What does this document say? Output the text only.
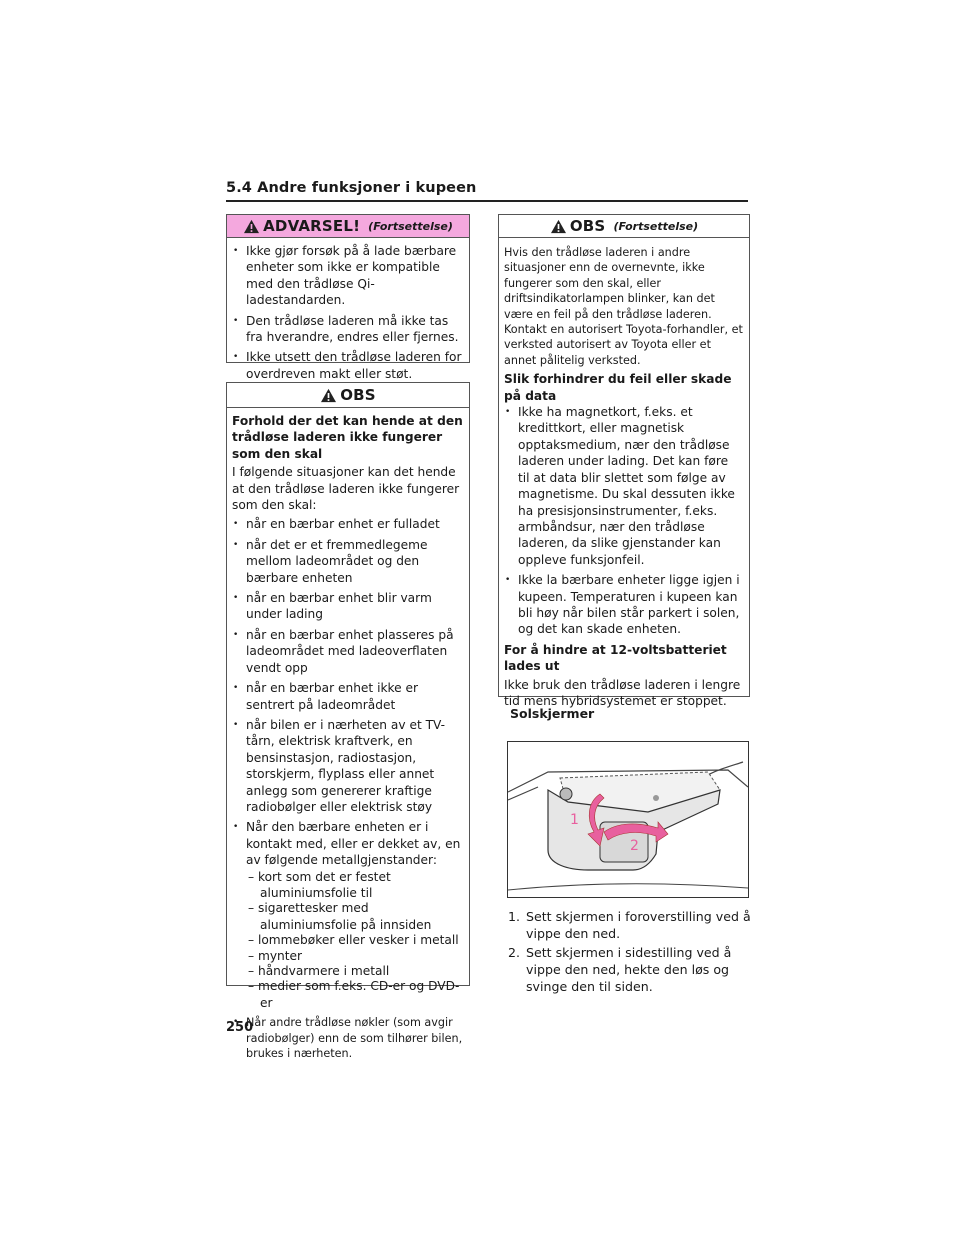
5.4 Andre funksjoner i kupeen
ADVARSEL! (Fortsettelse)
• Ikke gjør forsøk på å lade bærbare enheter som ikke er kompatible med den trådløse Qi-ladestandarden.
• Den trådløse laderen må ikke tas fra hverandre, endres eller fjernes.
• Ikke utsett den trådløse laderen for overdreven makt eller støt.
OBS
Forhold der det kan hende at den trådløse laderen ikke fungerer som den skal
I følgende situasjoner kan det hende at den trådløse laderen ikke fungerer som den skal:
• når en bærbar enhet er fulladet
• når det er et fremmedlegeme mellom ladeområdet og den bærbare enheten
• når en bærbar enhet blir varm under lading
• når en bærbar enhet plasseres på ladeområdet med ladeoverflaten vendt opp
• når en bærbar enhet ikke er sentrert på ladeområdet
• når bilen er i nærheten av et TV-tårn, elektrisk kraftverk, en bensinstasjon, radiostasjon, storskjerm, flyplass eller annet anlegg som genererer kraftige radiobølger eller elektrisk støy
• Når den bærbare enheten er i kontakt med, eller er dekket av, en av følgende metallgjenstander:
– kort som det er festet aluminiumsfolie til
– sigarettesker med aluminiumsfolie på innsiden
– lommebøker eller vesker i metall
– mynter
– håndvarmere i metall
– medier som f.eks. CD-er og DVD-er
• Når andre trådløse nøkler (som avgir radiobølger) enn de som tilhører bilen, brukes i nærheten.
OBS (Fortsettelse)
Hvis den trådløse laderen i andre situasjoner enn de overnevnte, ikke fungerer som den skal, eller driftsindikatorlampen blinker, kan det være en feil på den trådløse laderen. Kontakt en autorisert Toyota-forhandler, et verksted autorisert av Toyota eller et annet pålitelig verksted.
Slik forhindrer du feil eller skade på data
• Ikke ha magnetkort, f.eks. et kredittkort, eller magnetisk opptaksmedium, nær den trådløse laderen under lading. Det kan føre til at data blir slettet som følge av magnetisme. Du skal dessuten ikke ha presisjonsinstrumenter, f.eks. armbåndsur, nær den trådløse laderen, da slike gjenstander kan oppleve funksjonfeil.
• Ikke la bærbare enheter ligge igjen i kupeen. Temperaturen i kupeen kan bli høy når bilen står parkert i solen, og det kan skade enheten.
For å hindre at 12-voltsbatteriet lades ut
Ikke bruk den trådløse laderen i lengre tid mens hybridsystemet er stoppet.
Solskjermer
1
2
1. Sett skjermen i foroverstilling ved å vippe den ned.
2. Sett skjermen i sidestilling ved å vippe den ned, hekte den løs og svinge den til siden.
250
